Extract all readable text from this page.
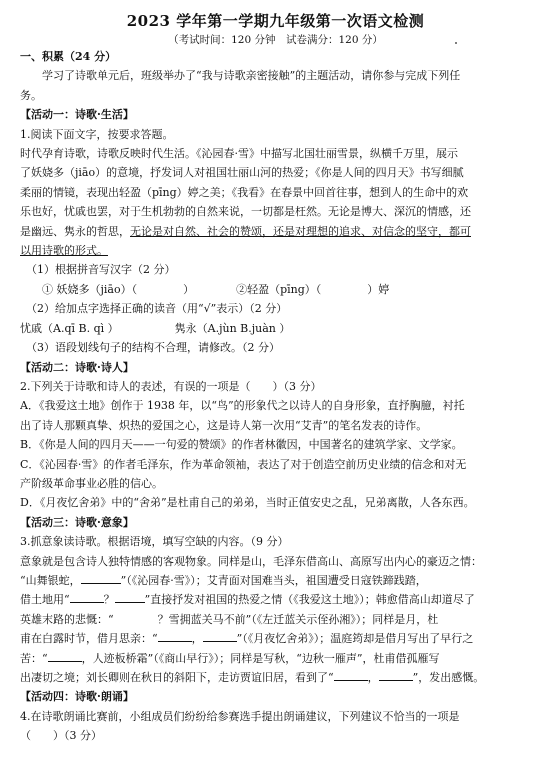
2023 学年第一学期九年级第一次语文检测
（考试时间：120 分钟　试卷满分：120 分）
一、积累（24 分）
学习了诗歌单元后，班级举办了“我与诗歌亲密接触”的主题活动，请你参与完成下列任
务。
【活动一：诗歌·生活】
1.阅读下面文字，按要求答题。
时代孕育诗歌，诗歌反映时代生活。《沁园春·雪》中描写北国壮丽雪景，纵横千万里，展示
了妖娆多（jiāo）的意境，抒发词人对祖国壮丽山河的热爱；《你是人间的四月天》书写细腻
柔丽的情镜，表现出轻盈（pīng）婷之美；《我看》在春景中回首往事，想到人的生命中的欢
乐也好，忧戚也罢，对于生机勃勃的自然来说，一切都是枉然。无论是博大、深沉的情感，还
是幽远、隽永的哲思，无论是对自然、社会的赞颂，还是对理想的追求、对信念的坚守，都可
以用诗歌的形式。
（1）根据拼音写汉字（2 分）
① 妖娆多（jiāo）（	）	②轻盈（pīng）（	）婷
（2）给加点字选择正确的读音（用“√”表示）（2 分）
忧戚（A.qī B. qì ）	隽永（A.jùn B.juàn ）
（3）语段划线句子的结构不合理，请修改。（2 分）
【活动二：诗歌·诗人】
2.下列关于诗歌和诗人的表述，有误的一项是（　　）（3 分）
A．《我爱这土地》创作于 1938 年，以“鸟”的形象代之以诗人的自身形象，直抒胸臆，衬托
出了诗人那颗真挚、炽热的爱国之心，这是诗人第一次用“艾青”的笔名发表的诗作。
B．《你是人间的四月天——一句爱的赞颂》的作者林徽因，中国著名的建筑学家、文学家。
C．《沁园春·雪》的作者毛泽东，作为革命领袖，表达了对于创造空前历史业绩的信念和对无
产阶级革命事业必胜的信心。
D．《月夜忆舍弟》中的“舍弟”是杜甫自己的弟弟，当时正值安史之乱，兄弟离散，人各东西。
【活动三：诗歌·意象】
3.抓意象读诗歌。根据语境，填写空缺的内容。（9 分）
意象就是包含诗人独特情感的客观物象。同样是山，毛泽东借高山、高原写出内心的豪迈之情：
“山舞银蛇，	”（《沁园春·雪》）；艾青面对国难当头，祖国遭受日寇铁蹄践踏，
借土地用“	？	”直接抒发对祖国的热爱之情（《我爱这土地》）；韩愈借高山却道尽了
英雄末路的悲慨：“　　　　？雪拥蓝关马不前”（《左迁蓝关示侄孙湘》）；同样是月，杜
甫在白露时节，借月思亲：“	，	”（《月夜忆舍弟》）；温庭筠却是借月写出了早行之
苦：“	，人迹板桥霜”（《商山早行》）；同样是写秋，“边秋一雁声”，杜甫借孤雁写
出凄切之境；刘长卿则在秋日的斜阳下，走访贾谊旧居，看到了“	，	”，发出感慨。
【活动四：诗歌·朗诵】
4.在诗歌朗诵比赛前，小组成员们纷纷给参赛选手提出朗诵建议，下列建议不恰当的一项是
（　　）（3 分）
